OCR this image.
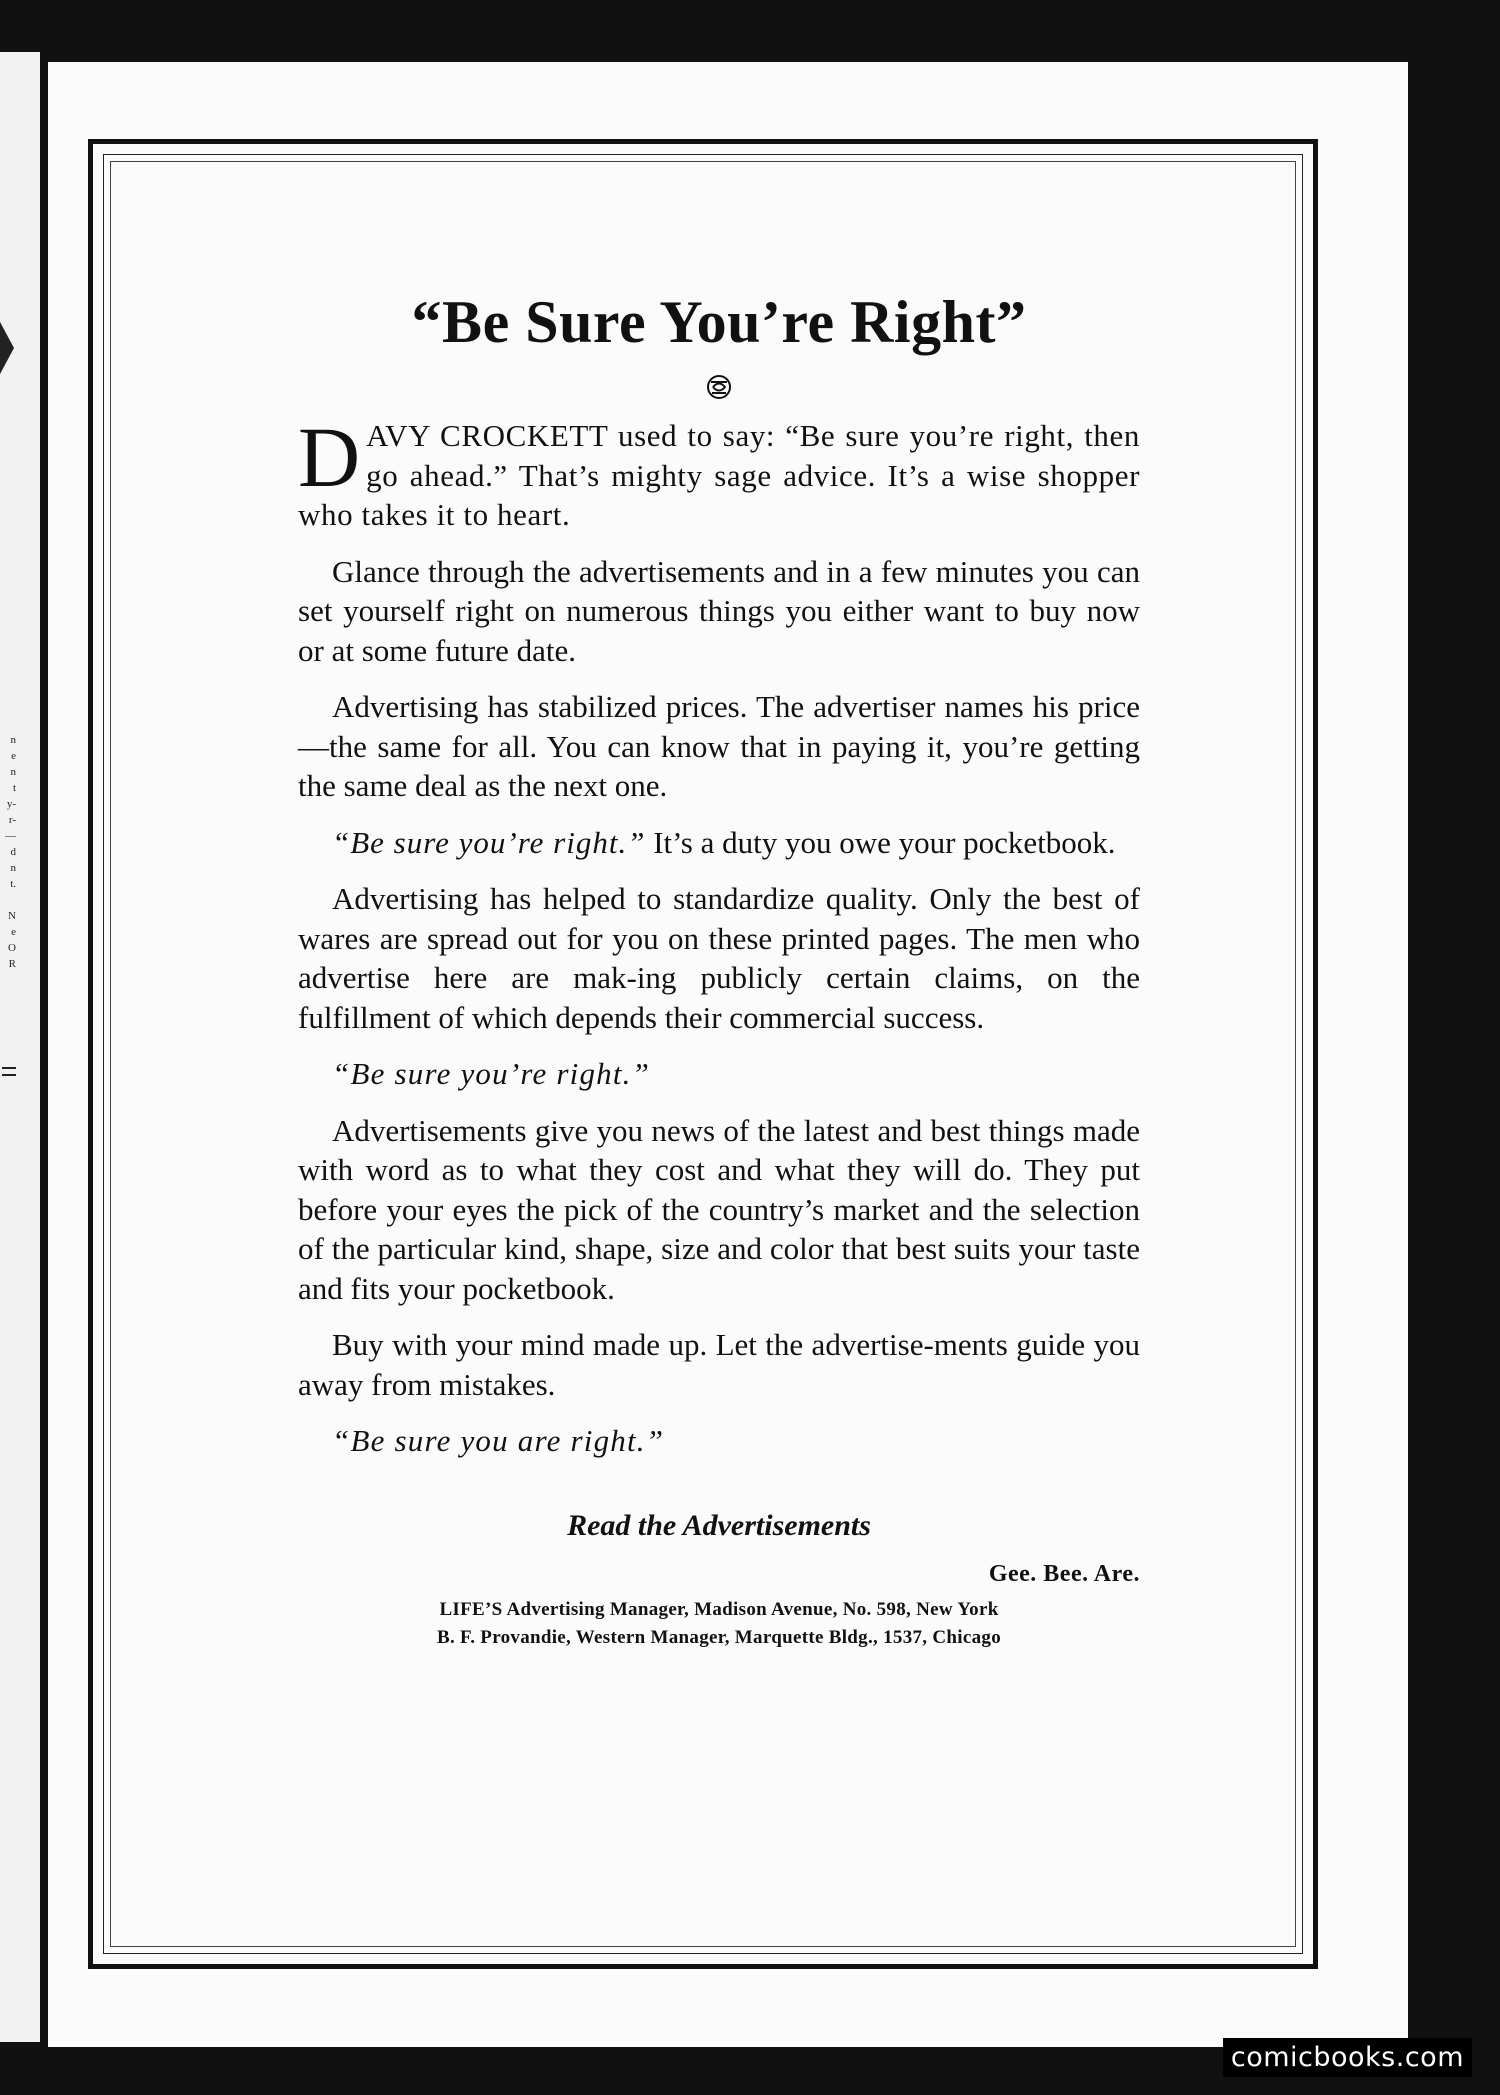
n
e
n
t
y-
r-
—
d
n
t.

N
e
O
R
“Be Sure You’re Right”

DAVY CROCKETT used to say: “Be sure you’re right, then go ahead.” That’s mighty sage advice. It’s a wise shopper who takes it to heart.

Glance through the advertisements and in a few minutes you can set yourself right on numerous things you either want to buy now or at some future date.

Advertising has stabilized prices. The advertiser names his price—the same for all. You can know that in paying it, you’re getting the same deal as the next one.

“Be sure you’re right.” It’s a duty you owe your pocketbook.

Advertising has helped to standardize quality. Only the best of wares are spread out for you on these printed pages. The men who advertise here are mak-ing publicly certain claims, on the fulfillment of which depends their commercial success.

“Be sure you’re right.”

Advertisements give you news of the latest and best things made with word as to what they cost and what they will do. They put before your eyes the pick of the country’s market and the selection of the particular kind, shape, size and color that best suits your taste and fits your pocketbook.

Buy with your mind made up. Let the advertise-ments guide you away from mistakes.

“Be sure you are right.”

Read the Advertisements
Gee. Bee. Are.

LIFE’S Advertising Manager, Madison Avenue, No. 598, New York

B. F. Provandie, Western Manager, Marquette Bldg., 1537, Chicago

comicbooks.com
